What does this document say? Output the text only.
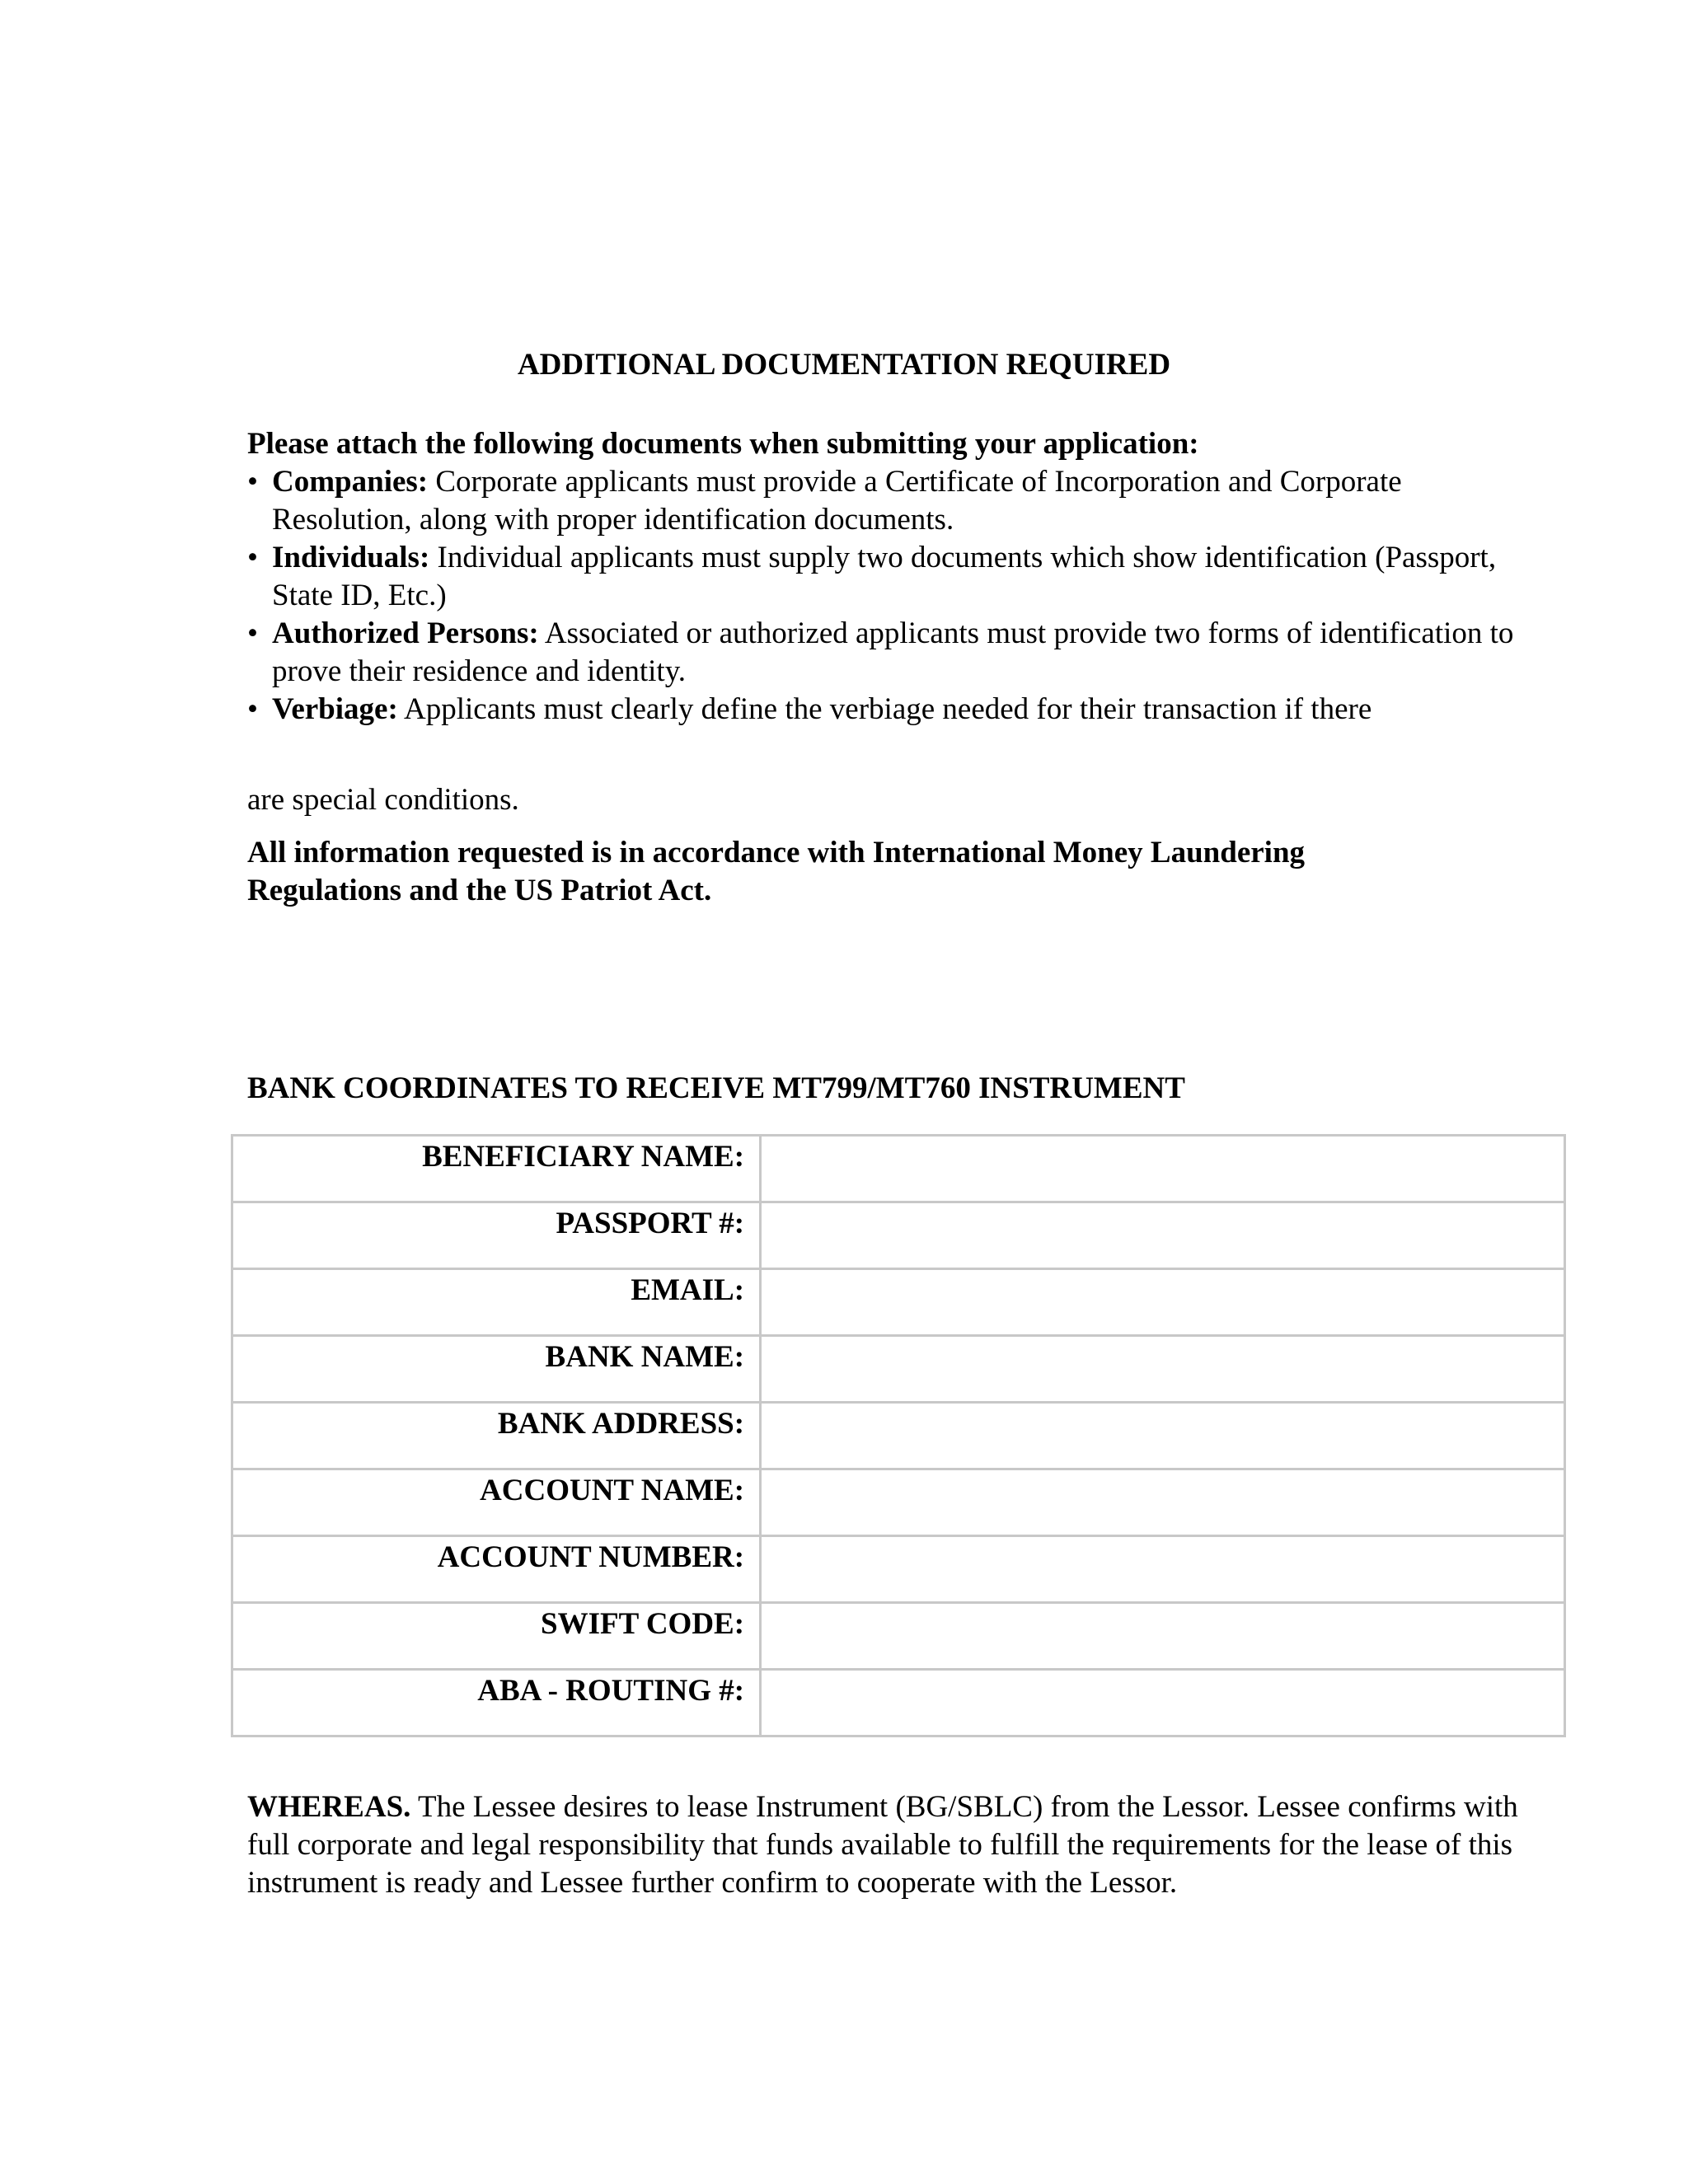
ADDITIONAL DOCUMENTATION REQUIRED
Please attach the following documents when submitting your application:
• Companies: Corporate applicants must provide a Certificate of Incorporation and Corporate Resolution, along with proper identification documents.
• Individuals: Individual applicants must supply two documents which show identification (Passport, State ID, Etc.)
• Authorized Persons: Associated or authorized applicants must provide two forms of identification to prove their residence and identity.
• Verbiage: Applicants must clearly define the verbiage needed for their transaction if there
are special conditions.
All information requested is in accordance with International Money Laundering Regulations and the US Patriot Act.
BANK COORDINATES TO RECEIVE MT799/MT760 INSTRUMENT
BENEFICIARY NAME:	
PASSPORT #:	
EMAIL:	
BANK NAME:	
BANK ADDRESS:	
ACCOUNT NAME:	
ACCOUNT NUMBER:	
SWIFT CODE:	
ABA - ROUTING #:	
WHEREAS. The Lessee desires to lease Instrument (BG/SBLC) from the Lessor. Lessee confirms with full corporate and legal responsibility that funds available to fulfill the requirements for the lease of this instrument is ready and Lessee further confirm to cooperate with the Lessor.
